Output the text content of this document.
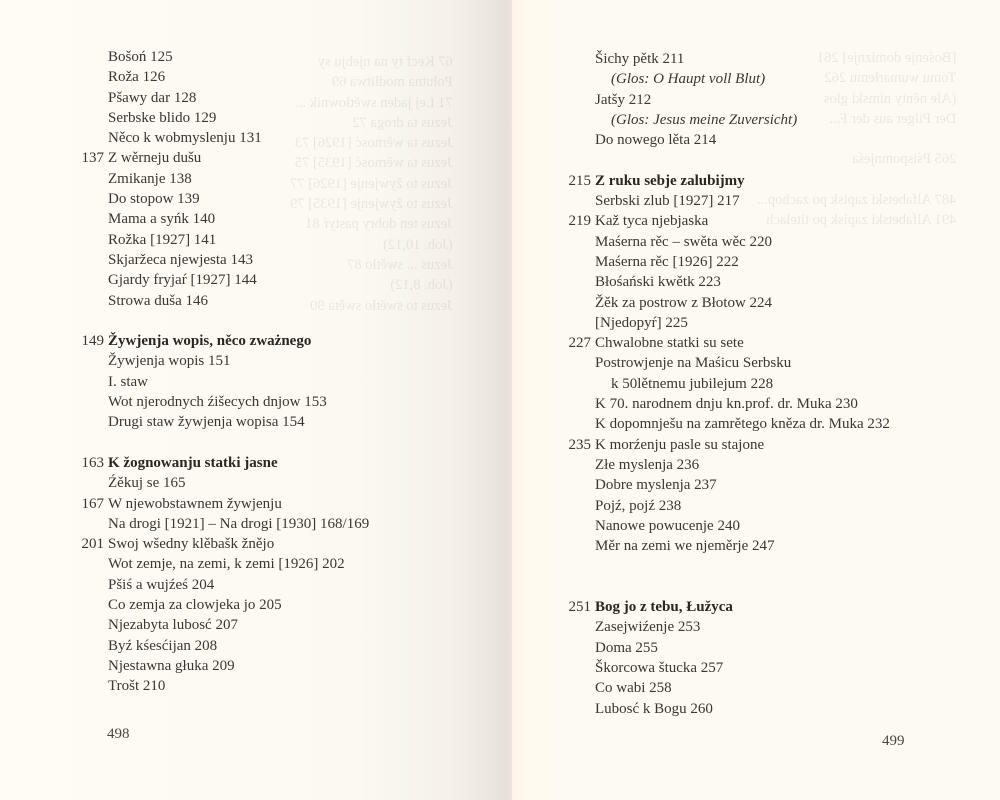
67 Kecf ty na njebju sy
Połutna modlitwa 69
71 Lej jaden swětłownik ...
Jezus ta droga 72
Jezus ta wěrnosć [1926] 73
Jezus ta wěrnosć [1935] 75
Jezus to žywjenje [1926] 77
Jezus to žywjenje [1935] 79
Jezus ten dobry pastyŕ 81
(Joh. 10,12)
Jezus ... swětło 87
(Joh. 8,12)
Jezus to swětło swěta 90
Bošoń 125
Roža 126
Pšawy dar 128
Serbske blido 129
Něco k wobmyslenju 131
137 Z wěrneju dušu
Zmikanje 138
Do stopow 139
Mama a syńk 140
Rožka [1927] 141
Skjaržeca njewjesta 143
Gjardy fryjaŕ [1927] 144
Strowa duša 146
149 Žywjenja wopis, něco zważnego
Žywjenja wopis 151
I. staw
Wot njerodnych źišecych dnjow 153
Drugi staw žywjenja wopisa 154
163 K žognowanju statki jasne
Źěkuj se 165
167 W njewobstawnem žywjenju
Na drogi [1921] – Na drogi [1930] 168/169
201 Swoj wšedny klěbašk žnějo
Wot zemje, na zemi, k zemi [1926] 202
Pšiś a wujźeś 204
Co zemja za clowjeka jo 205
Njezabyta lubosć 207
Byź kśesćijan 208
Njestawna głuka 209
Trošt 210
498
[Bośenje domiznje] 261
Tomu wumarłemu 262
(Ale něnty nimski glos
Der Pilger aus der F...

265 Pśispomnjeśa

487 Alfabetski zapisk po zachop...
491 Alfabetski zapisk po titelach
Šichy pětk 211
(Glos: O Haupt voll Blut)
Jatšy 212
(Glos: Jesus meine Zuversicht)
Do nowego lěta 214
215 Z ruku sebje zalubijmy
Serbski zlub [1927] 217
219 Kaž tyca njebjaska
Maśerna rěc – swěta wěc 220
Maśerna rěc [1926] 222
Błośański kwětk 223
Žěk za postrow z Błotow 224
[Njedopyŕ] 225
227 Chwalobne statki su sete
Postrowjenje na Maśicu Serbsku
k 50lětnemu jubilejum 228
K 70. narodnem dnju kn.prof. dr. Muka 230
K dopomnješu na zamrětego kněza dr. Muka 232
235 K morźenju pasle su stajone
Złe myslenja 236
Dobre myslenja 237
Pojź, pojź 238
Nanowe powucenje 240
Měr na zemi we njeměrje 247
251 Bog jo z tebu, Łužyca
Zasejwiźenje 253
Doma 255
Škorcowa štucka 257
Co wabi 258
Lubosć k Bogu 260
499
